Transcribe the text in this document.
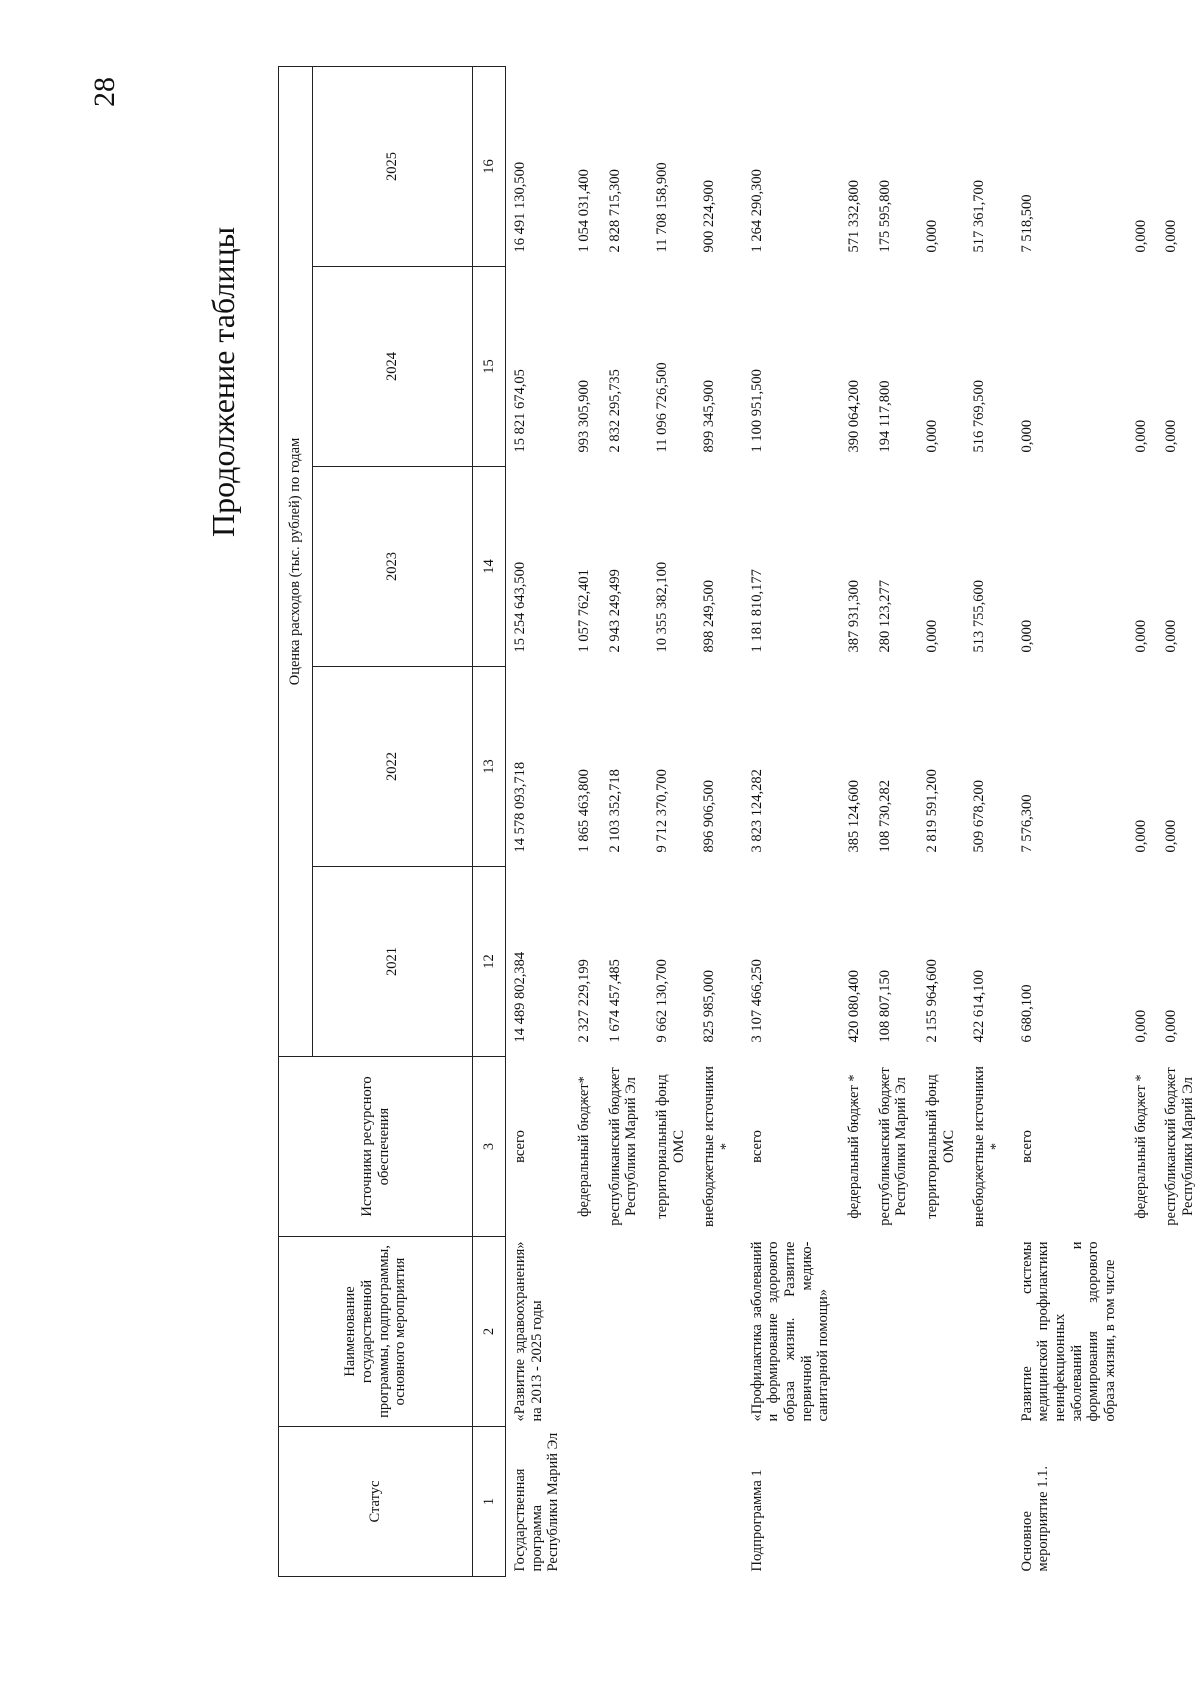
28
Продолжение таблицы
Статус	Наименование государственной программы, подпрограммы, основного мероприятия	Источники ресурсного обеспечения	Оценка расходов (тыс. рублей) по годам				
			2021	2022	2023	2024	2025
1	2	3	12	13	14	15	16
Государственная программа Республики Марий Эл	«Развитие здравоохранения» на 2013 - 2025 годы	всего	14 489 802,384	14 578 093,718	15 254 643,500	15 821 674,05	16 491 130,500
		федеральный бюджет*	2 327 229,199	1 865 463,800	1 057 762,401	993 305,900	1 054 031,400
		республиканский бюджет Республики Марий Эл	1 674 457,485	2 103 352,718	2 943 249,499	2 832 295,735	2 828 715,300
		территориальный фонд ОМС	9 662 130,700	9 712 370,700	10 355 382,100	11 096 726,500	11 708 158,900
		внебюджетные источники *	825 985,000	896 906,500	898 249,500	899 345,900	900 224,900
Подпрограмма 1	«Профилактика заболеваний и формирование здорового образа жизни. Развитие первичной медико-санитарной помощи»	всего	3 107 466,250	3 823 124,282	1 181 810,177	1 100 951,500	1 264 290,300
		федеральный бюджет *	420 080,400	385 124,600	387 931,300	390 064,200	571 332,800
		республиканский бюджет Республики Марий Эл	108 807,150	108 730,282	280 123,277	194 117,800	175 595,800
		территориальный фонд ОМС	2 155 964,600	2 819 591,200	0,000	0,000	0,000
		внебюджетные источники *	422 614,100	509 678,200	513 755,600	516 769,500	517 361,700
Основное мероприятие 1.1.	Развитие системы медицинской профилактики неинфекционных заболеваний и формирования здорового образа жизни, в том числе	всего	6 680,100	7 576,300	0,000	0,000	7 518,500
		федеральный бюджет *	0,000	0,000	0,000	0,000	0,000
		республиканский бюджет Республики Марий Эл	0,000	0,000	0,000	0,000	0,000
